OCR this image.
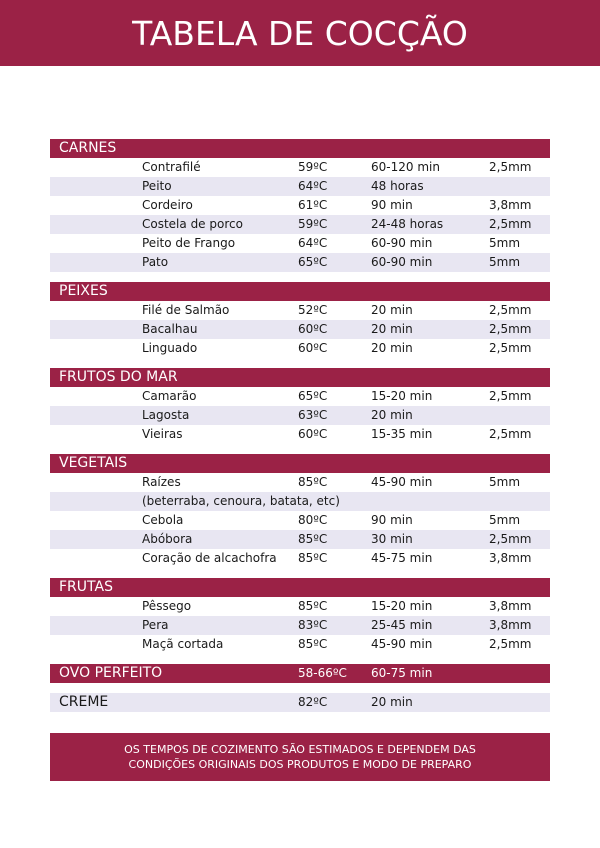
TABELA DE COCÇÃO
CARNES
Contrafilé	59ºC	60-120 min	2,5mm
Peito	64ºC	48 horas
Cordeiro	61ºC	90 min	3,8mm
Costela de porco	59ºC	24-48 horas	2,5mm
Peito de Frango	64ºC	60-90 min	5mm
Pato	65ºC	60-90 min	5mm
PEIXES
Filé de Salmão	52ºC	20 min	2,5mm
Bacalhau	60ºC	20 min	2,5mm
Linguado	60ºC	20 min	2,5mm
FRUTOS DO MAR
Camarão	65ºC	15-20 min	2,5mm
Lagosta	63ºC	20 min
Vieiras	60ºC	15-35 min	2,5mm
VEGETAIS
Raízes	85ºC	45-90 min	5mm
(beterraba, cenoura, batata, etc)
Cebola	80ºC	90 min	5mm
Abóbora	85ºC	30 min	2,5mm
Coração de alcachofra 85ºC	45-75 min	3,8mm
FRUTAS
Pêssego	85ºC	15-20 min	3,8mm
Pera	83ºC	25-45 min	3,8mm
Maçã cortada	85ºC	45-90 min	2,5mm
OVO PERFEITO	58-66ºC 60-75 min
CREME	82ºC	20 min
OS TEMPOS DE COZIMENTO SÃO ESTIMADOS E DEPENDEM DAS
CONDIÇÕES ORIGINAIS DOS PRODUTOS E MODO DE PREPARO
